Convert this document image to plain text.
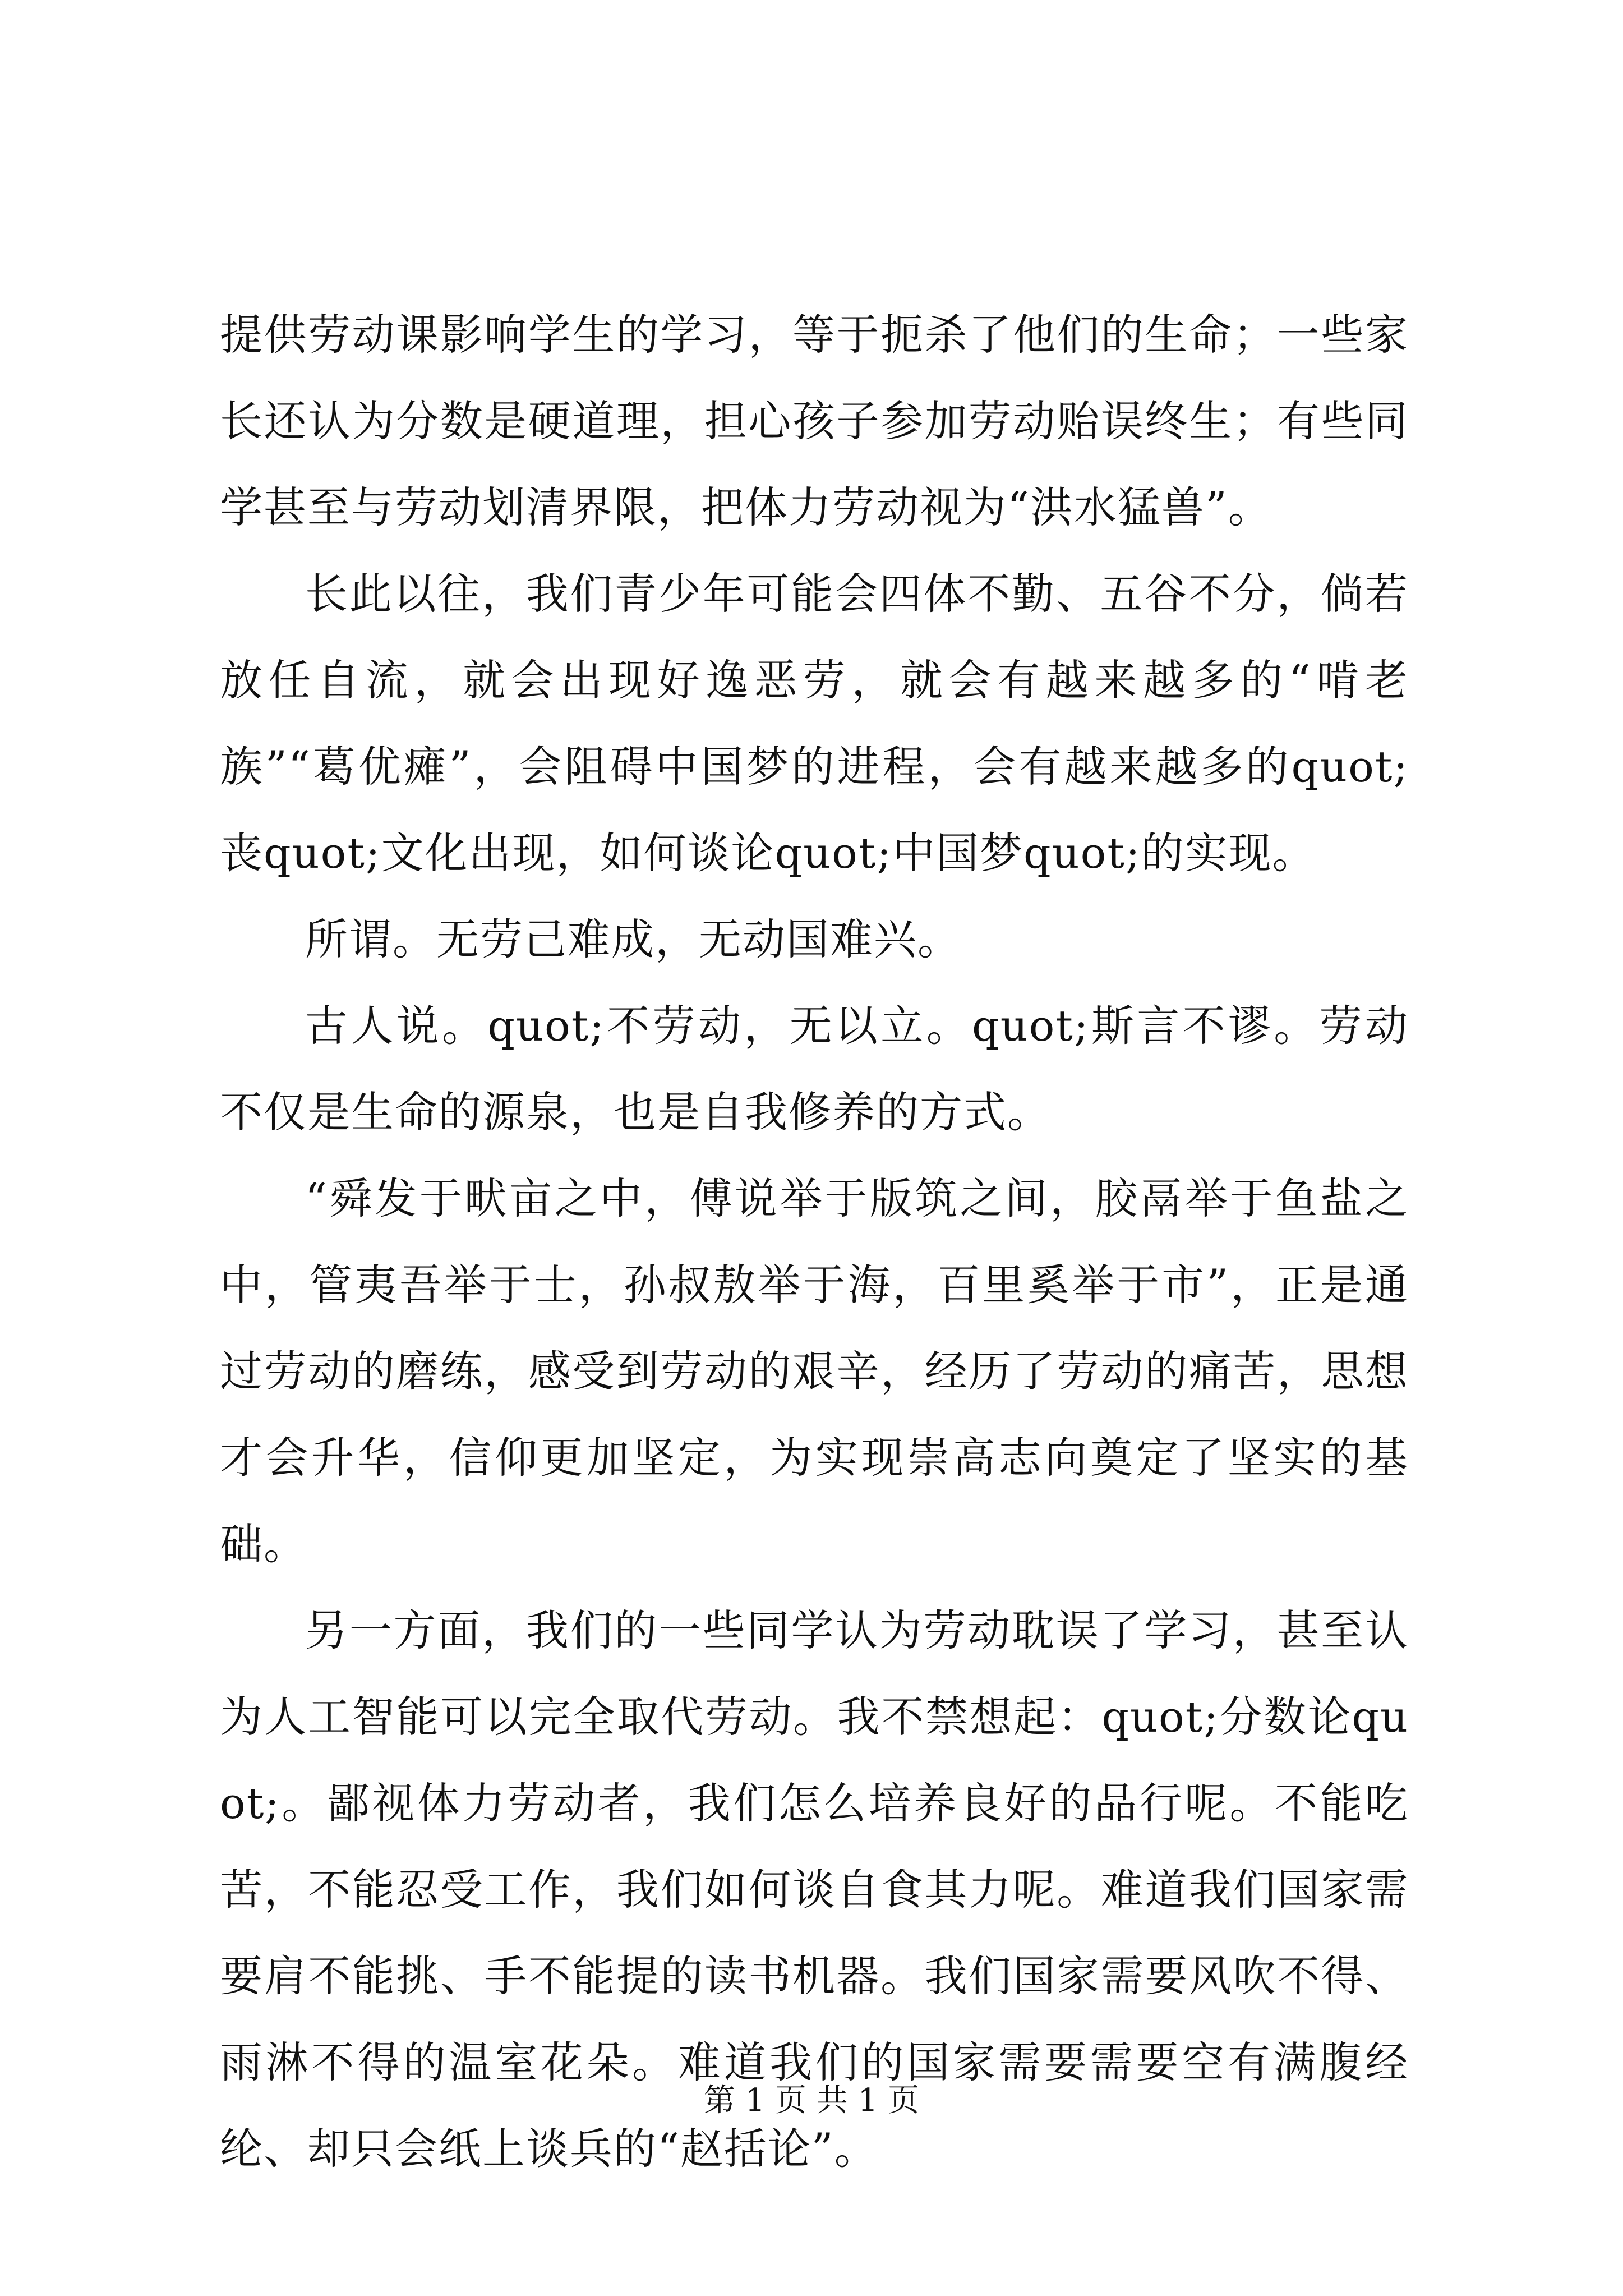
提供劳动课影响学生的学习，等于扼杀了他们的生命；一些家长还认为分数是硬道理，担心孩子参加劳动贻误终生；有些同学甚至与劳动划清界限，把体力劳动视为“洪水猛兽”。

长此以往，我们青少年可能会四体不勤、五谷不分，倘若放任自流，就会出现好逸恶劳，就会有越来越多的“啃老族”“葛优瘫”，会阻碍中国梦的进程，会有越来越多的quot;丧quot;文化出现，如何谈论quot;中国梦quot;的实现。

所谓。无劳己难成，无动国难兴。

古人说。quot;不劳动，无以立。quot;斯言不谬。劳动不仅是生命的源泉，也是自我修养的方式。

“舜发于畎亩之中，傅说举于版筑之间，胶鬲举于鱼盐之中，管夷吾举于士，孙叔敖举于海，百里奚举于市”，正是通过劳动的磨练，感受到劳动的艰辛，经历了劳动的痛苦，思想才会升华，信仰更加坚定，为实现崇高志向奠定了坚实的基础。

另一方面，我们的一些同学认为劳动耽误了学习，甚至认为人工智能可以完全取代劳动。我不禁想起：quot;分数论quot;。鄙视体力劳动者，我们怎么培养良好的品行呢。不能吃苦，不能忍受工作，我们如何谈自食其力呢。难道我们国家需要肩不能挑、手不能提的读书机器。我们国家需要风吹不得、雨淋不得的温室花朵。难道我们的国家需要需要空有满腹经纶、却只会纸上谈兵的“赵括论”。

第 1 页 共 1 页
